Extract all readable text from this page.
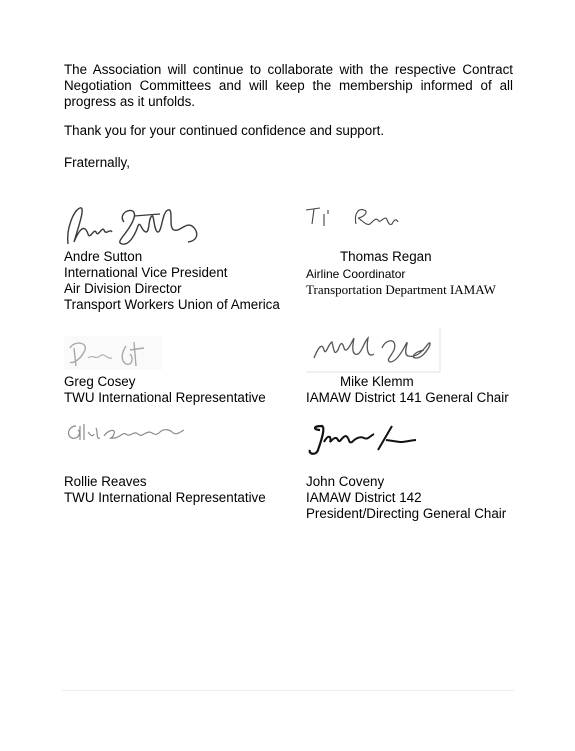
The Association will continue to collaborate with the respective Contract Negotiation Committees and will keep the membership informed of all progress as it unfolds.
Thank you for your continued confidence and support.
Fraternally,
Andre Sutton
International Vice President
Air Division Director
Transport Workers Union of America
Thomas Regan
Airline Coordinator
Transportation Department IAMAW
Greg Cosey
TWU International Representative
Mike Klemm
IAMAW District 141 General Chair
Rollie Reaves
TWU International Representative
John Coveny
IAMAW District 142
President/Directing General Chair
